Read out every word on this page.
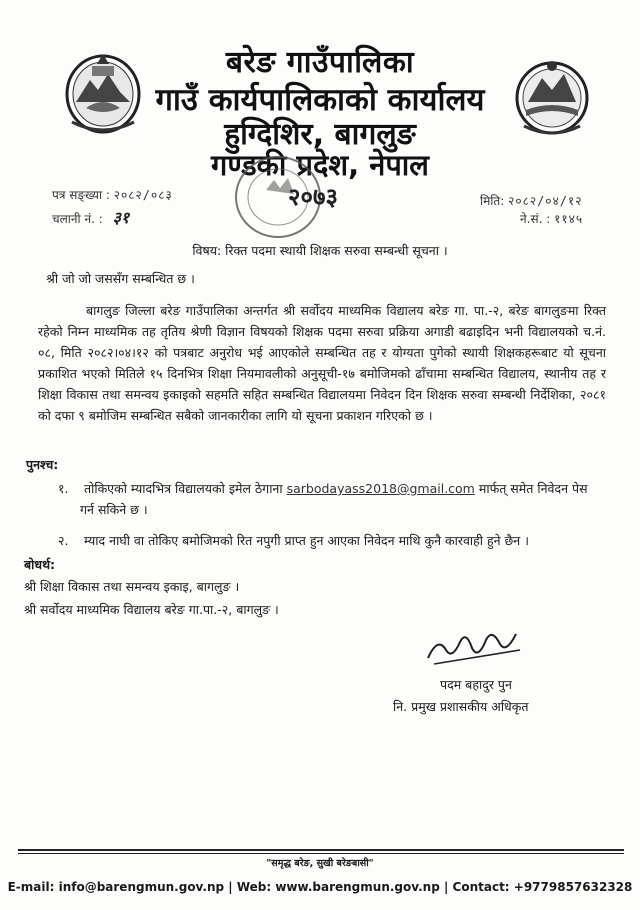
बरेङ गाउँपालिका
गाउँ कार्यपालिकाको कार्यालय
हुग्दिशिर, बागलुङ
गण्डकी प्रदेश, नेपाल
२०७३
पत्र सङ्ख्या : २०८२/०८३
चलानी नं. : ३१
मिति: २०८२/०४/१२
ने.सं. : ११४५
विषय: रिक्त पदमा स्थायी शिक्षक सरुवा सम्बन्धी सूचना ।
श्री जो जो जससँग सम्बन्धित छ ।
बागलुङ जिल्ला बरेङ गाउँपालिका अन्तर्गत श्री सर्वोदय माध्यमिक विद्यालय बरेङ गा. पा.-२, बरेङ बागलुङमा रिक्त रहेको निम्न माध्यमिक तह तृतिय श्रेणी विज्ञान विषयको शिक्षक पदमा सरुवा प्रक्रिया अगाडी बढाइदिन भनी विद्यालयको च.नं. ०८, मिति २०८२।०४।१२ को पत्रबाट अनुरोध भई आएकोले सम्बन्धित तह र योग्यता पुगेको स्थायी शिक्षकहरूबाट यो सूचना प्रकाशित भएको मितिले १५ दिनभित्र शिक्षा नियमावलीको अनुसूची-१७ बमोजिमको ढाँचामा सम्बन्धित विद्यालय, स्थानीय तह र शिक्षा विकास तथा समन्वय इकाइको सहमति सहित सम्बन्धित विद्यालयमा निवेदन दिन शिक्षक सरुवा सम्बन्धी निर्देशिका, २०८१ को दफा ९ बमोजिम सम्बन्धित सबैको जानकारीका लागि यो सूचना प्रकाशन गरिएको छ ।
पुनश्च:
१. तोकिएको म्यादभित्र विद्यालयको इमेल ठेगाना sarbodayass2018@gmail.com मार्फत् समेत निवेदन पेस
गर्न सकिने छ ।
२. म्याद नाघी वा तोकिए बमोजिमको रित नपुगी प्राप्त हुन आएका निवेदन माथि कुनै कारवाही हुने छैन ।
बोधर्थ:
श्री शिक्षा विकास तथा समन्वय इकाइ, बागलुङ ।
श्री सर्वोदय माध्यमिक विद्यालय बरेङ गा.पा.-२, बागलुङ ।
पदम बहादुर पुन
नि. प्रमुख प्रशासकीय अधिकृत
"समृद्ध बरेङ, सुखी बरेङबासी"
E-mail: info@barengmun.gov.np | Web: www.barengmun.gov.np | Contact: +9779857632328
